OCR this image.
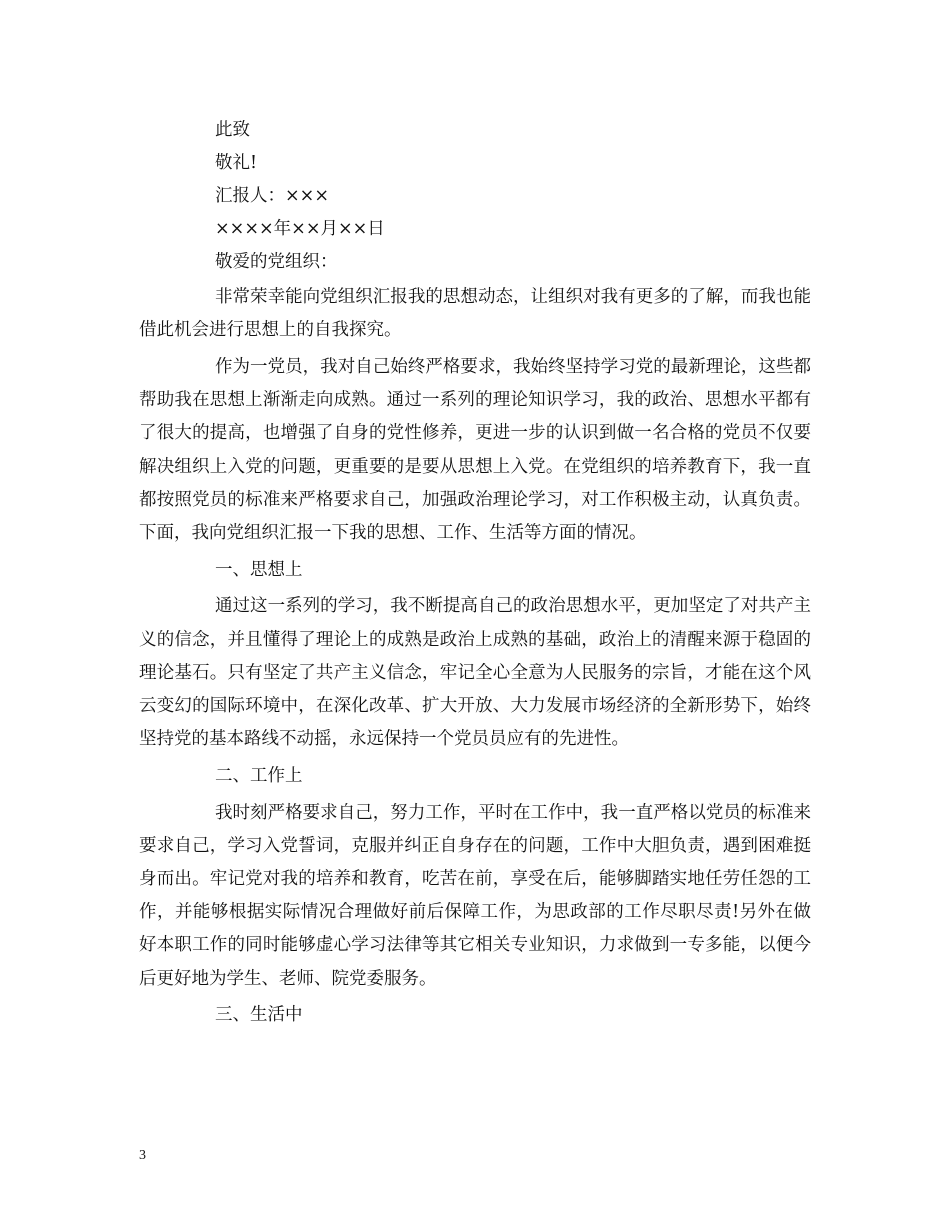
此致

敬礼!

汇报人：×××

××××年××月××日

敬爱的党组织：

非常荣幸能向党组织汇报我的思想动态，让组织对我有更多的了解，而我也能借此机会进行思想上的自我探究。

作为一党员，我对自己始终严格要求，我始终坚持学习党的最新理论，这些都帮助我在思想上渐渐走向成熟。通过一系列的理论知识学习，我的政治、思想水平都有了很大的提高，也增强了自身的党性修养，更进一步的认识到做一名合格的党员不仅要解决组织上入党的问题，更重要的是要从思想上入党。在党组织的培养教育下，我一直都按照党员的标准来严格要求自己，加强政治理论学习，对工作积极主动，认真负责。下面，我向党组织汇报一下我的思想、工作、生活等方面的情况。

一、思想上

通过这一系列的学习，我不断提高自己的政治思想水平，更加坚定了对共产主义的信念，并且懂得了理论上的成熟是政治上成熟的基础，政治上的清醒来源于稳固的理论基石。只有坚定了共产主义信念，牢记全心全意为人民服务的宗旨，才能在这个风云变幻的国际环境中，在深化改革、扩大开放、大力发展市场经济的全新形势下，始终坚持党的基本路线不动摇，永远保持一个党员员应有的先进性。

二、工作上

我时刻严格要求自己，努力工作，平时在工作中，我一直严格以党员的标准来要求自己，学习入党誓词，克服并纠正自身存在的问题，工作中大胆负责，遇到困难挺身而出。牢记党对我的培养和教育，吃苦在前，享受在后，能够脚踏实地任劳任怨的工作，并能够根据实际情况合理做好前后保障工作，为思政部的工作尽职尽责!另外在做好本职工作的同时能够虚心学习法律等其它相关专业知识，力求做到一专多能，以便今后更好地为学生、老师、院党委服务。

三、生活中

3
